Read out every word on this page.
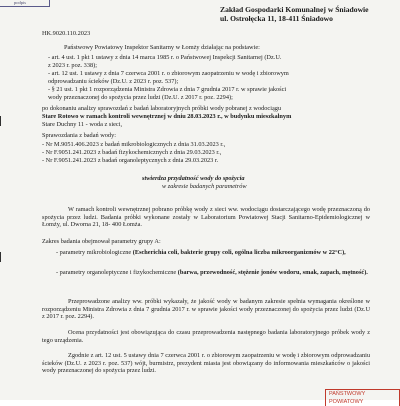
podpis
Zakład Gospodarki Komunalnej w Śniadowie
ul. Ostrołęcka 11, 18-411 Śniadowo
HK.9020.110.2023
Państwowy Powiatowy Inspektor Sanitarny w Łomży działając na podstawie:
- art. 4 ust. 1 pkt 1 ustawy z dnia 14 marca 1985 r. o Państwowej Inspekcji Sanitarnej (Dz.U.
z 2023 r. poz. 338);
- art. 12 ust. 1 ustawy z dnia 7 czerwca 2001 r. o zbiorowym zaopatrzeniu w wodę i zbiorowym
odprowadzaniu ścieków (Dz.U. z 2023 r. poz. 537);
- § 21 ust. 1 pkt 1 rozporządzenia Ministra Zdrowia z dnia 7 grudnia 2017 r. w sprawie jakości
wody przeznaczonej do spożycia przez ludzi (Dz.U. z 2017 r. poz. 2294);
po dokonaniu analizy sprawozdań z badań laboratoryjnych próbki wody pobranej z wodociągu
Stare Rotowo w ramach kontroli wewnętrznej w dniu 28.03.2023 r., w budynku mieszkalnym
Stare Duchny 11 - woda z sieci,
Sprawozdania z badań wody:
- Nr M.9051.406.2023 z badań mikrobiologicznych z dnia 31.03.2023 r.,
- Nr F.9051.241.2023 z badań fizykochemicznych z dnia 29.03.2023 r.,
- Nr F.9051.241.2023 z badań organoleptycznych z dnia 29.03.2023 r.
stwierdza przydatność wody do spożycia
w zakresie badanych parametrów
W ramach kontroli wewnętrznej pobrano próbkę wody z sieci ww. wodociągu dostarczającego wodę przeznaczoną do spożycia przez ludzi. Badania próbki wykonane zostały w Laboratorium Powiatowej Stacji Sanitarno-Epidemiologicznej w Łomży, ul. Dworna 21, 18- 400 Łomża.
Zakres badania obejmował parametry grupy A:
- parametry mikrobiologiczne (Escherichia coli, bakterie grupy coli, ogólna liczba mikroorganizmów w 22°C),
- parametry organoleptyczne i fizykochemiczne (barwa, przewodność, stężenie jonów wodoru, smak, zapach, mętność).
Przeprowadzone analizy ww. próbki wykazały, że jakość wody w badanym zakresie spełnia wymagania określone w rozporządzeniu Ministra Zdrowia z dnia 7 grudnia 2017 r. w sprawie jakości wody przeznaczonej do spożycia przez ludzi (Dz.U z 2017 r. poz. 2294).
Ocena przydatności jest obowiązująca do czasu przeprowadzenia następnego badania laboratoryjnego próbek wody z tego urządzenia.
Zgodnie z art. 12 ust. 5 ustawy dnia 7 czerwca 2001 r. o zbiorowym zaopatrzeniu w wodę i zbiorowym odprowadzaniu ścieków (Dz.U. z 2023 r. poz. 537) wójt, burmistrz, prezydent miasta jest obowiązany do informowania mieszkańców o jakości wody przeznaczonej do spożycia przez ludzi.
PAŃSTWOWY POWIATOWY
